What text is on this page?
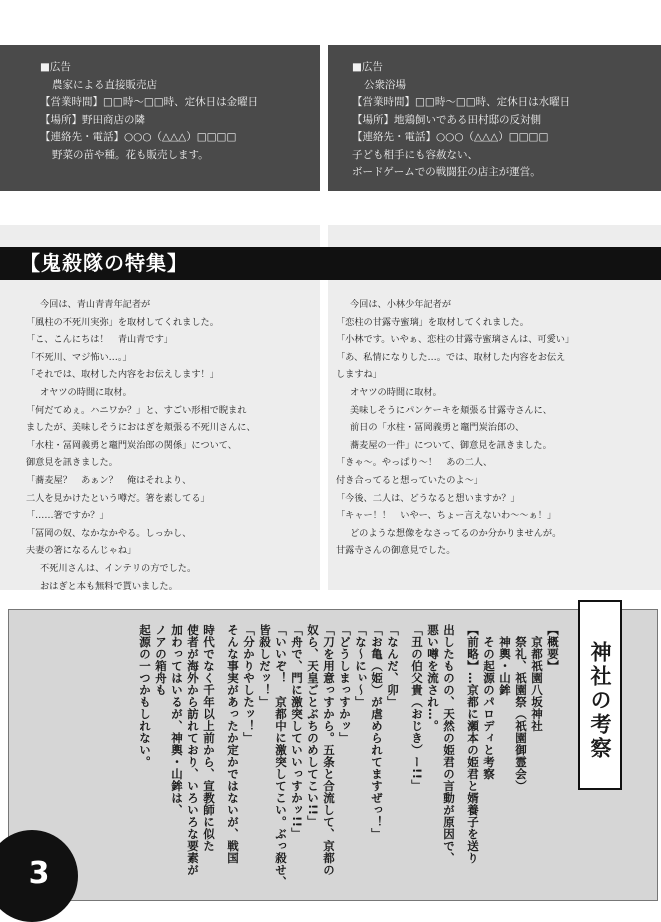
■広告
農家による直接販売店
【営業時間】□□時～□□時、定休日は金曜日
【場所】野田商店の隣
【連絡先・電話】○○○（△△△）□□□□
野菜の苗や種。花も販売します。
■広告
公衆浴場
【営業時間】□□時～□□時、定休日は水曜日
【場所】地鶏飼いである田村邸の反対側
【連絡先・電話】○○○（△△△）□□□□
子ども相手にも容赦ない、
ボードゲームでの戦闘狂の店主が運営。
【鬼殺隊の特集】
今回は、青山青青年記者が
「風柱の不死川実弥」を取材してくれました。
「こ、こんにちは！　青山青です」
「不死川、マジ怖い…。」
「それでは、取材した内容をお伝えします！」
オヤツの時間に取材。
「何だてめぇ。ハニワか？」と、すごい形相で睨まれ
ましたが、美味しそうにおはぎを頬張る不死川さんに、
「水柱・冨岡義勇と竈門炭治郎の関係」について、
御意見を訊きました。
「蕎麦屋？　あぁン？　俺はそれより、
二人を見かけたという噂だ。箸を素してる」
「……箸ですか？」
「冨岡の奴、なかなかやる。しっかし、
夫妻の箸になるんじゃね」
不死川さんは、インテリの方でした。
おはぎと本も無料で貰いました。
今回は、小林少年記者が
「恋柱の甘露寺蜜璃」を取材してくれました。
「小林です。いやぁ、恋柱の甘露寺蜜璃さんは、可愛い」
「あ、私情になりした…。では、取材した内容をお伝え
しますね」
オヤツの時間に取材。
美味しそうにパンケーキを頬張る甘露寺さんに、
前日の「水柱・冨岡義勇と竈門炭治郎の、
蕎麦屋の一件」について、御意見を訊きました。
「きゃ～。やっぱり～！　あの二人、
付き合ってると想っていたのよ～」
「今後、二人は、どうなると想いますか？」
「キャー！！　いやー、ちょー言えないわ～～ぁ！」
どのような想像をなさってるのか分かりませんが。
甘露寺さんの御意見でした。
【概要】
京都祇園八坂神社
祭礼、祇園祭（祇園御霊会）
神輿・山鉾
その起源のパロディと考察
【前略】…京都に瀬本の姫君と婿養子を送り
出したものの、天然の姫君の言動が原因で、
悪い噂を流され…。
「丑の伯父貴（おじき）ー!!」
「なんだ、卯」
「お亀（姫）が虐められてますぜっ！」
「な～にぃ～」
「どうしまっすかッ」
「刀を用意っすから。五条と合流して、京都の
奴ら、天皇ごとぶちのめしてこい!!」
「舟で、門に激突していいっすかッ!!」
「いいぞ！　京都中に激突してこい。ぶっ殺せ、
皆殺しだッ！」
「分かりやしたッ！」
そんな事実があったか定かではないが、戦国
時代でなく千年以上前から、宣教師に似た
使者が海外から訪れており、いろいろな要素が
加わってはいるが、神輿・山鉾は、
ノアの箱舟も
起源の一つかもしれない。	神社の考察
3
